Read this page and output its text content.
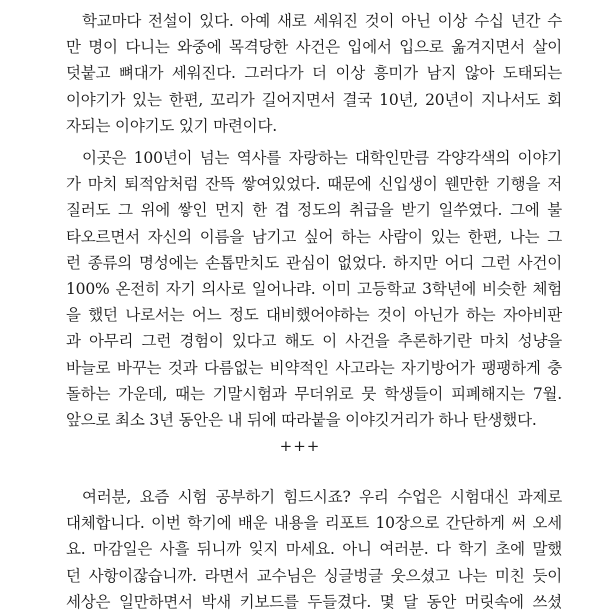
학교마다 전설이 있다. 아예 새로 세워진 것이 아닌 이상 수십 년간 수
만 명이 다니는 와중에 목격당한 사건은 입에서 입으로 옮겨지면서 살이
덧붙고 뼈대가 세워진다. 그러다가 더 이상 흥미가 남지 않아 도태되는
이야기가 있는 한편, 꼬리가 길어지면서 결국 10년, 20년이 지나서도 회
자되는 이야기도 있기 마련이다.
이곳은 100년이 넘는 역사를 자랑하는 대학인만큼 각양각색의 이야기
가 마치 퇴적암처럼 잔뜩 쌓여있었다. 때문에 신입생이 웬만한 기행을 저
질러도 그 위에 쌓인 먼지 한 겹 정도의 취급을 받기 일쑤였다. 그에 불
타오르면서 자신의 이름을 남기고 싶어 하는 사람이 있는 한편, 나는 그
런 종류의 명성에는 손톱만치도 관심이 없었다. 하지만 어디 그런 사건이
100% 온전히 자기 의사로 일어나랴. 이미 고등학교 3학년에 비슷한 체험
을 했던 나로서는 어느 정도 대비했어야하는 것이 아닌가 하는 자아비판
과 아무리 그런 경험이 있다고 해도 이 사건을 추론하기란 마치 성냥을
바늘로 바꾸는 것과 다름없는 비약적인 사고라는 자기방어가 팽팽하게 충
돌하는 가운데, 때는 기말시험과 무더위로 뭇 학생들이 피폐해지는 7월.
앞으로 최소 3년 동안은 내 뒤에 따라붙을 이야깃거리가 하나 탄생했다.
+++
여러분, 요즘 시험 공부하기 힘드시죠? 우리 수업은 시험대신 과제로
대체합니다. 이번 학기에 배운 내용을 리포트 10장으로 간단하게 써 오세
요. 마감일은 사흘 뒤니까 잊지 마세요. 아니 여러분. 다 학기 초에 말했
던 사항이잖습니까. 라면서 교수님은 싱글벙글 웃으셨고 나는 미친 듯이
세상은 일만하면서 박새 키보드를 두들겼다. 몇 달 동안 머릿속에 쓰셨
